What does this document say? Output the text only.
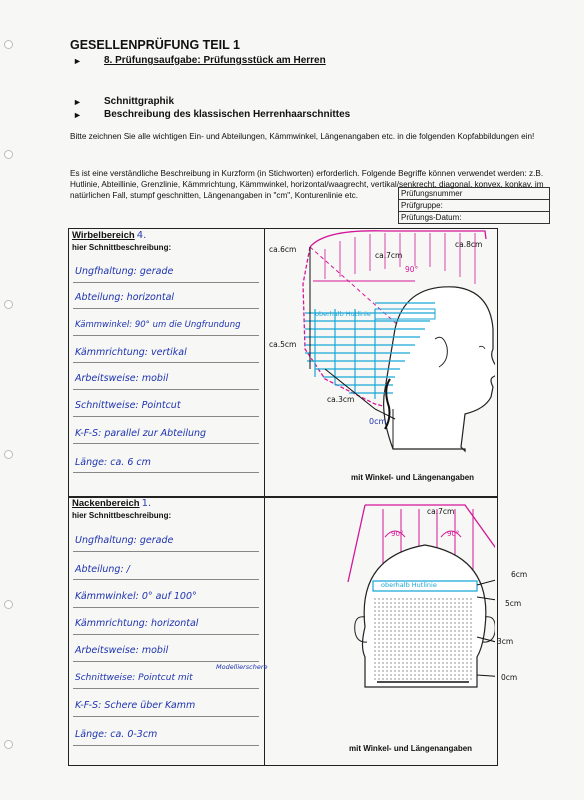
GESELLENPRÜFUNG TEIL 1
► 8. Prüfungsaufgabe: Prüfungsstück am Herren
► Schnittgraphik
► Beschreibung des klassischen Herrenhaarschnittes
Bitte zeichnen Sie alle wichtigen Ein- und Abteilungen, Kämmwinkel, Längenangaben etc. in die folgenden Kopfabbildungen ein!
Es ist eine verständliche Beschreibung in Kurzform (in Stichworten) erforderlich. Folgende Begriffe können verwendet werden: z.B. Hutlinie, Abteillinie, Grenzlinie, Kämmrichtung, Kämmwinkel, horizontal/waagrecht, vertikal/senkrecht, diagonal, konvex, konkav, im natürlichen Fall, stumpf geschnitten, Längenangaben in "cm", Konturenlinie etc.	Prüfungsnummer
Prüfgruppe:
Prüfungs-Datum:
Wirbelbereich 4.
hier Schnittbeschreibung:
Ungfhaltung: gerade
Abteilung: horizontal
Kämmwinkel: 90° um die Ungfrundung
Kämmrichtung: vertikal
Arbeitsweise: mobil
Schnittweise: Pointcut
K-F-S: parallel zur Abteilung
Länge: ca. 6 cm
ca.6cm
ca.7cm
ca.8cm
90°
ca.5cm
ca.3cm
0cm
oberhalb Hutlinie
mit Winkel- und Längenangaben
Nackenbereich 1.
hier Schnittbeschreibung:
Ungfhaltung: gerade
Abteilung: /
Kämmwinkel: 0° auf 100°
Kämmrichtung: horizontal
Arbeitsweise: mobil
Schnittweise: Pointcut mit
Modellierschere
K-F-S: Schere über Kamm
Länge: ca. 0-3cm
ca.7cm
90°	90°
oberhalb Hutlinie
6cm
5cm
3cm
0cm
mit Winkel- und Längenangaben
